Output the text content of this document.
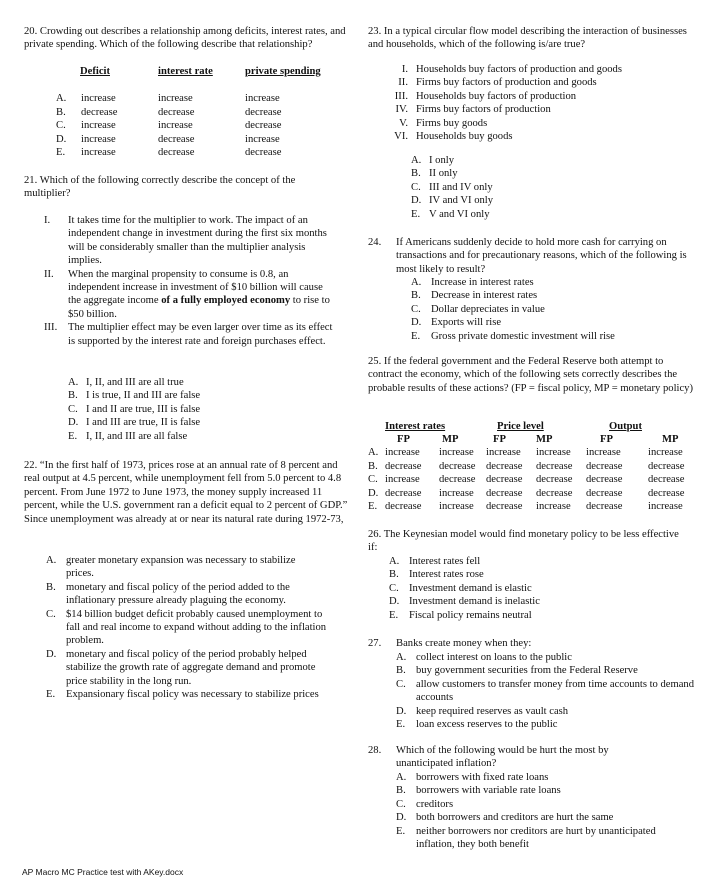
20. Crowding out describes a relationship among deficits, interest rates, and private spending. Which of the following describe that relationship?

Deficit	interest rate	private spending
A. increase	increase	increase
B. decrease	decrease	decrease
C. increase	increase	decrease
D. increase	decrease	increase
E. increase	decrease	decrease

21. Which of the following correctly describe the concept of the multiplier?

I.	It takes time for the multiplier to work. The impact of an independent change in investment during the first six months will be considerably smaller than the multiplier analysis implies.
II.	When the marginal propensity to consume is 0.8, an independent increase in investment of $10 billion will cause the aggregate income of a fully employed economy to rise to $50 billion.
III.	The multiplier effect may be even larger over time as its effect is supported by the interest rate and foreign purchases effect.
A. I, II, and III are all true
B. I is true, II and III are false
C. I and II are true, III is false
D. I and III are true, II is false
E. I, II, and III are all false

22. “In the first half of 1973, prices rose at an annual rate of 8 percent and real output at 4.5 percent, while unemployment fell from 5.0 percent to 4.8 percent. From June 1972 to June 1973, the money supply increased 11 percent, while the U.S. government ran a deficit equal to 2 percent of GDP.” Since unemployment was already at or near its natural rate during 1972-73,

A. greater monetary expansion was necessary to stabilize prices.
B. monetary and fiscal policy of the period added to the inflationary pressure already plaguing the economy.
C. $14 billion budget deficit probably caused unemployment to fall and real income to expand without adding to the inflation problem.
D. monetary and fiscal policy of the period probably helped stabilize the growth rate of aggregate demand and promote price stability in the long run.
E.	Expansionary fiscal policy was necessary to stabilize prices

23. In a typical circular flow model describing the interaction of businesses and households, which of the following is/are true?

I. Households buy factors of production and goods
II. Firms buy factors of production and goods
III. Households buy factors of production
IV. Firms buy factors of production
V. Firms buy goods
VI. Households buy goods
A. I only
B. II only
C. III and IV only
D. IV and VI only
E. V and VI only
24.	If Americans suddenly decide to hold more cash for carrying on transactions and for precautionary reasons, which of the following is most likely to result?
A. Increase in interest rates
B. Decrease in interest rates
C. Dollar depreciates in value
D. Exports will rise
E.	Gross private domestic investment will rise

25. If the federal government and the Federal Reserve both attempt to contract the economy, which of the following sets correctly describes the probable results of these actions? (FP = fiscal policy, MP = monetary policy)

Interest rates	Price level	Output
FP	MP	FP	MP	FP	MP
A. increase increase increase increase increase	increase
B. decrease decrease decrease decrease decrease decrease
C. increase decrease decrease decrease decrease decrease
D. decrease increase decrease decrease decrease decrease
E. decrease increase decrease increase decrease increase

26. The Keynesian model would find monetary policy to be less effective if:

A. Interest rates fell
B. Interest rates rose
C. Investment demand is elastic
D. Investment demand is inelastic
E.	Fiscal policy remains neutral
27.	Banks create money when they:
A. collect interest on loans to the public
B. buy government securities from the Federal Reserve
C. allow customers to transfer money from time accounts to demand accounts
D. keep required reserves as vault cash
E.	loan excess reserves to the public
28.	Which of the following would be hurt the most by unanticipated inflation?
A. borrowers with fixed rate loans
B. borrowers with variable rate loans
C. creditors
D. both borrowers and creditors are hurt the same
E.	neither borrowers nor creditors are hurt by unanticipated inflation, they both benefit
AP Macro MC Practice test with AKey.docx
